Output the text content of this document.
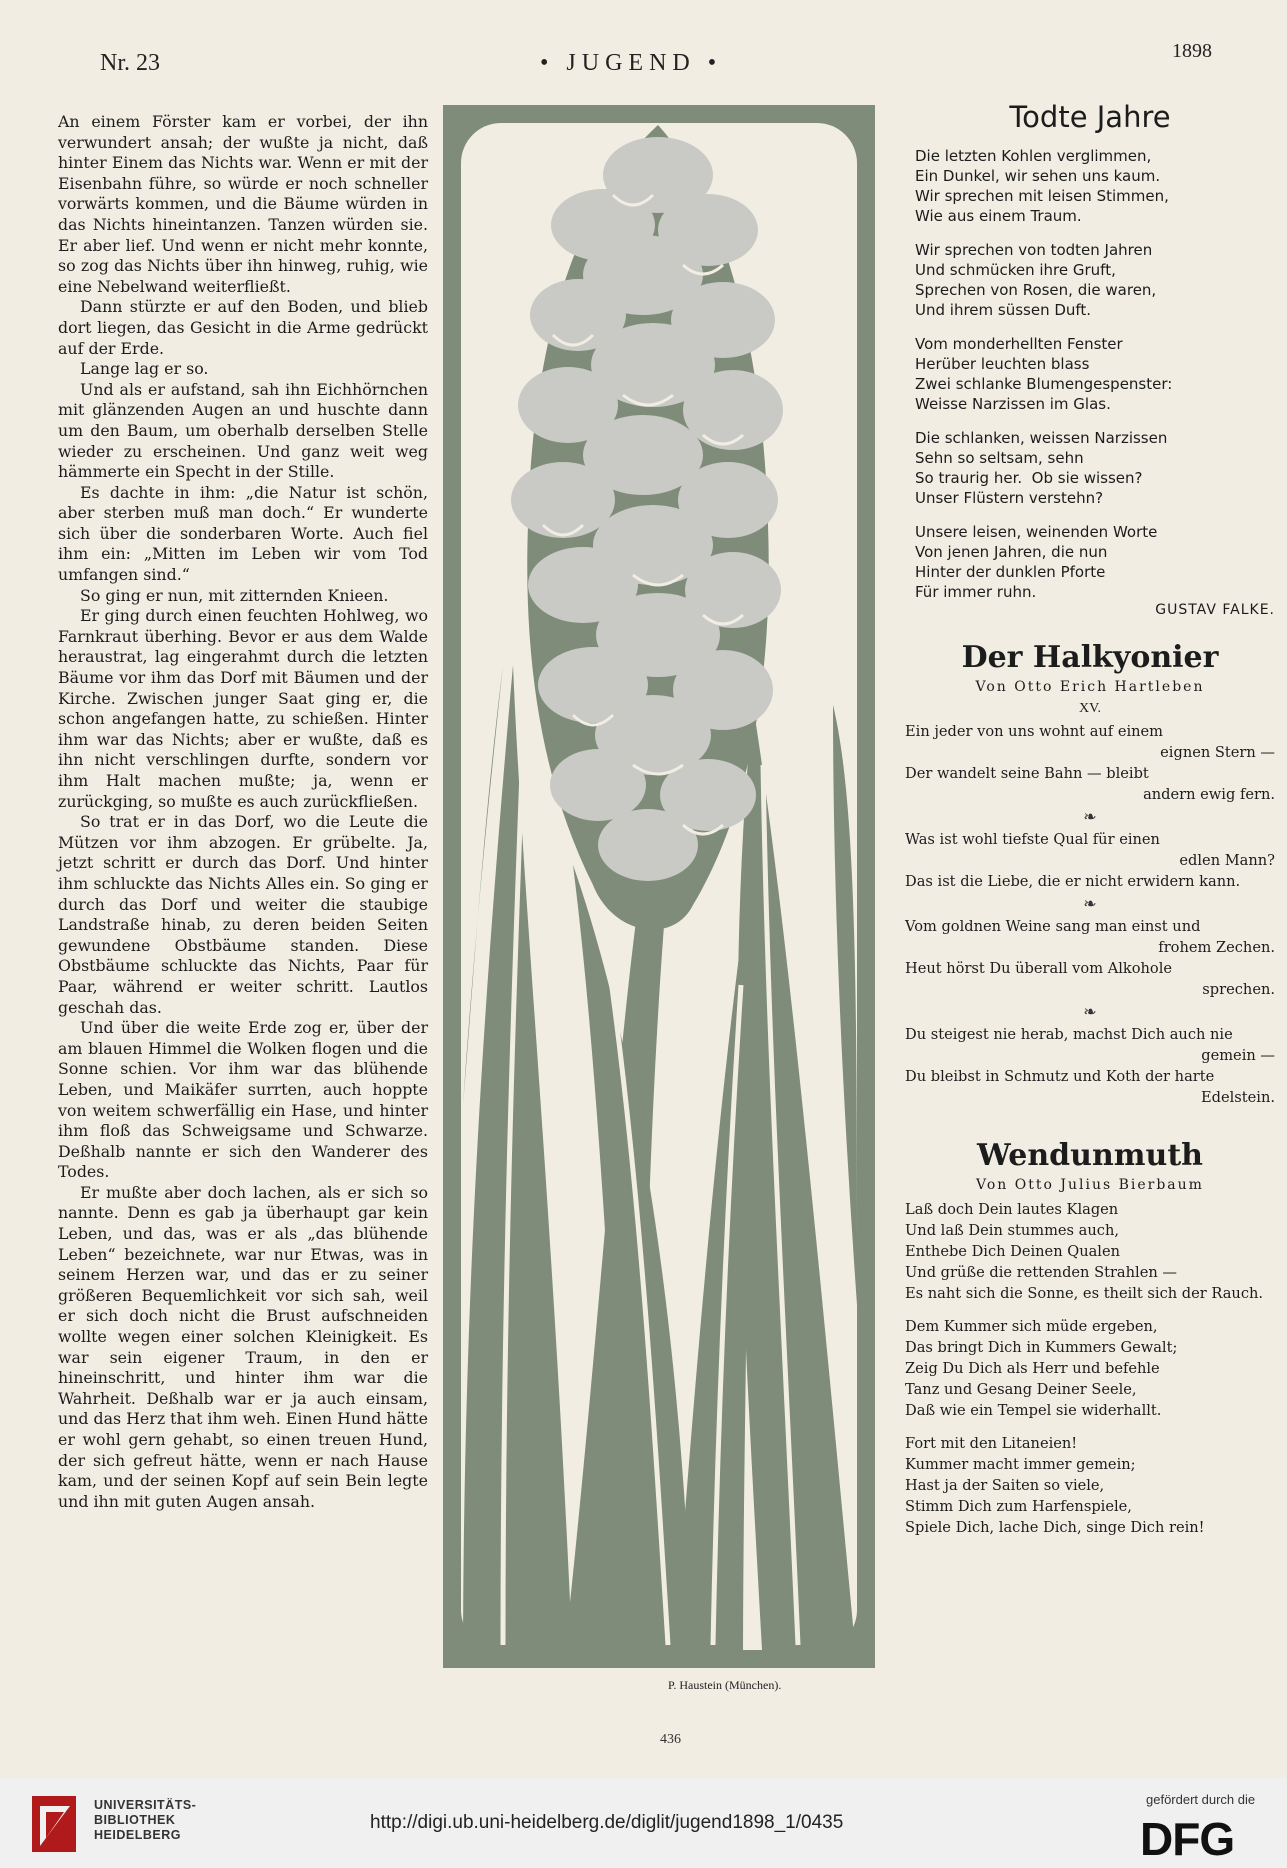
Nr. 23	• JUGEND •	1898

An einem Förster kam er vorbei, der ihn verwundert ansah; der wußte ja nicht, daß hinter Einem das Nichts war. Wenn er mit der Eisenbahn führe, so würde er noch schneller vorwärts kommen, und die Bäume würden in das Nichts hineintanzen. Tanzen würden sie. Er aber lief. Und wenn er nicht mehr konnte, so zog das Nichts über ihn hinweg, ruhig, wie eine Nebelwand weiterfließt.

Dann stürzte er auf den Boden, und blieb dort liegen, das Gesicht in die Arme gedrückt auf der Erde.

Lange lag er so.

Und als er aufstand, sah ihn Eichhörnchen mit glänzenden Augen an und huschte dann um den Baum, um oberhalb derselben Stelle wieder zu erscheinen. Und ganz weit weg hämmerte ein Specht in der Stille.

Es dachte in ihm: „die Natur ist schön, aber sterben muß man doch.“ Er wunderte sich über die sonderbaren Worte. Auch fiel ihm ein: „Mitten im Leben wir vom Tod umfangen sind.“

So ging er nun, mit zitternden Knieen.

Er ging durch einen feuchten Hohlweg, wo Farnkraut überhing. Bevor er aus dem Walde heraustrat, lag eingerahmt durch die letzten Bäume vor ihm das Dorf mit Bäumen und der Kirche. Zwischen junger Saat ging er, die schon angefangen hatte, zu schießen. Hinter ihm war das Nichts; aber er wußte, daß es ihn nicht verschlingen durfte, sondern vor ihm Halt machen mußte; ja, wenn er zurückging, so mußte es auch zurückfließen.

So trat er in das Dorf, wo die Leute die Mützen vor ihm abzogen. Er grübelte. Ja, jetzt schritt er durch das Dorf. Und hinter ihm schluckte das Nichts Alles ein. So ging er durch das Dorf und weiter die staubige Landstraße hinab, zu deren beiden Seiten gewundene Obstbäume standen. Diese Obstbäume schluckte das Nichts, Paar für Paar, während er weiter schritt. Lautlos geschah das.

Und über die weite Erde zog er, über der am blauen Himmel die Wolken flogen und die Sonne schien. Vor ihm war das blühende Leben, und Maikäfer surrten, auch hoppte von weitem schwerfällig ein Hase, und hinter ihm floß das Schweigsame und Schwarze. Deßhalb nannte er sich den Wanderer des Todes.

Er mußte aber doch lachen, als er sich so nannte. Denn es gab ja überhaupt gar kein Leben, und das, was er als „das blühende Leben“ bezeichnete, war nur Etwas, was in seinem Herzen war, und das er zu seiner größeren Bequemlichkeit vor sich sah, weil er sich doch nicht die Brust aufschneiden wollte wegen einer solchen Kleinigkeit. Es war sein eigener Traum, in den er hineinschritt, und hinter ihm war die Wahrheit. Deßhalb war er ja auch einsam, und das Herz that ihm weh. Einen Hund hätte er wohl gern gehabt, so einen treuen Hund, der sich gefreut hätte, wenn er nach Hause kam, und der seinen Kopf auf sein Bein legte und ihn mit guten Augen ansah.

P. Haustein (München).
Todte Jahre
Die letzten Kohlen verglimmen,
Ein Dunkel, wir sehen uns kaum.
Wir sprechen mit leisen Stimmen,
Wie aus einem Traum.
Wir sprechen von todten Jahren
Und schmücken ihre Gruft,
Sprechen von Rosen, die waren,
Und ihrem süssen Duft.
Vom monderhellten Fenster
Herüber leuchten blass
Zwei schlanke Blumengespenster:
Weisse Narzissen im Glas.
Die schlanken, weissen Narzissen
Sehn so seltsam, sehn
So traurig her.  Ob sie wissen?
Unser Flüstern verstehn?
Unsere leisen, weinenden Worte
Von jenen Jahren, die nun
Hinter der dunklen Pforte
Für immer ruhn.
GUSTAV FALKE.
Der Halkyonier
Von Otto Erich Hartleben
XV.
Ein jeder von uns wohnt auf einem
eignen Stern —
Der wandelt seine Bahn — bleibt
andern ewig fern.
❧
Was ist wohl tiefste Qual für einen
edlen Mann?
Das ist die Liebe, die er nicht erwidern kann.
❧
Vom goldnen Weine sang man einst und
frohem Zechen.
Heut hörst Du überall vom Alkohole
sprechen.
❧
Du steigest nie herab, machst Dich auch nie
gemein —
Du bleibst in Schmutz und Koth der harte
Edelstein.
Wendunmuth
Von Otto Julius Bierbaum
Laß doch Dein lautes Klagen
Und laß Dein stummes auch,
Enthebe Dich Deinen Qualen
Und grüße die rettenden Strahlen —
Es naht sich die Sonne, es theilt sich der Rauch.
Dem Kummer sich müde ergeben,
Das bringt Dich in Kummers Gewalt;
Zeig Du Dich als Herr und befehle
Tanz und Gesang Deiner Seele,
Daß wie ein Tempel sie widerhallt.
Fort mit den Litaneien!
Kummer macht immer gemein;
Hast ja der Saiten so viele,
Stimm Dich zum Harfenspiele,
Spiele Dich, lache Dich, singe Dich rein!
436
UNIVERSITÄTS-
BIBLIOTHEK
HEIDELBERG
http://digi.ub.uni-heidelberg.de/diglit/jugend1898_1/0435
gefördert durch die
DFG
